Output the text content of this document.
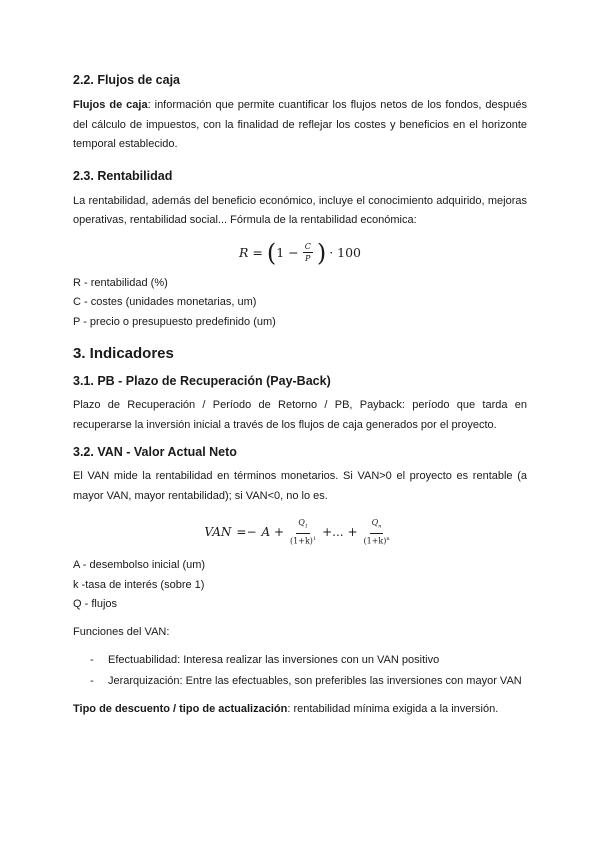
2.2. Flujos de caja

Flujos de caja: información que permite cuantificar los flujos netos de los fondos, después del cálculo de impuestos, con la finalidad de reflejar los costes y beneficios en el horizonte temporal establecido.

2.3. Rentabilidad

La rentabilidad, además del beneficio económico, incluye el conocimiento adquirido, mejoras operativas, rentabilidad social... Fórmula de la rentabilidad económica:

R = ( $1 - \frac{C}{P}$ ) · 100
R - rentabilidad (%)
C - costes (unidades monetarias, um)
P - precio o presupuesto predefinido (um)
3. Indicadores
3.1. PB - Plazo de Recuperación (Pay-Back)

Plazo de Recuperación / Período de Retorno / PB, Payback: período que tarda en recuperarse la inversión inicial a través de los flujos de caja generados por el proyecto.

3.2. VAN - Valor Actual Neto

El VAN mide la rentabilidad en términos monetarios. Si VAN>0 el proyecto es rentable (a mayor VAN, mayor rentabilidad); si VAN<0, no lo es.

VAN =− $A + \frac{Q_1}{(1+k)^1}$ +... + $\frac{Q_n}{(1+k)^n}$
A - desembolso inicial (um)
k -tasa de interés (sobre 1)
Q - flujos
Funciones del VAN:
- Efectuabilidad: Interesa realizar las inversiones con un VAN positivo
- Jerarquización: Entre las efectuables, son preferibles las inversiones con mayor VAN

Tipo de descuento / tipo de actualización: rentabilidad mínima exigida a la inversión.
